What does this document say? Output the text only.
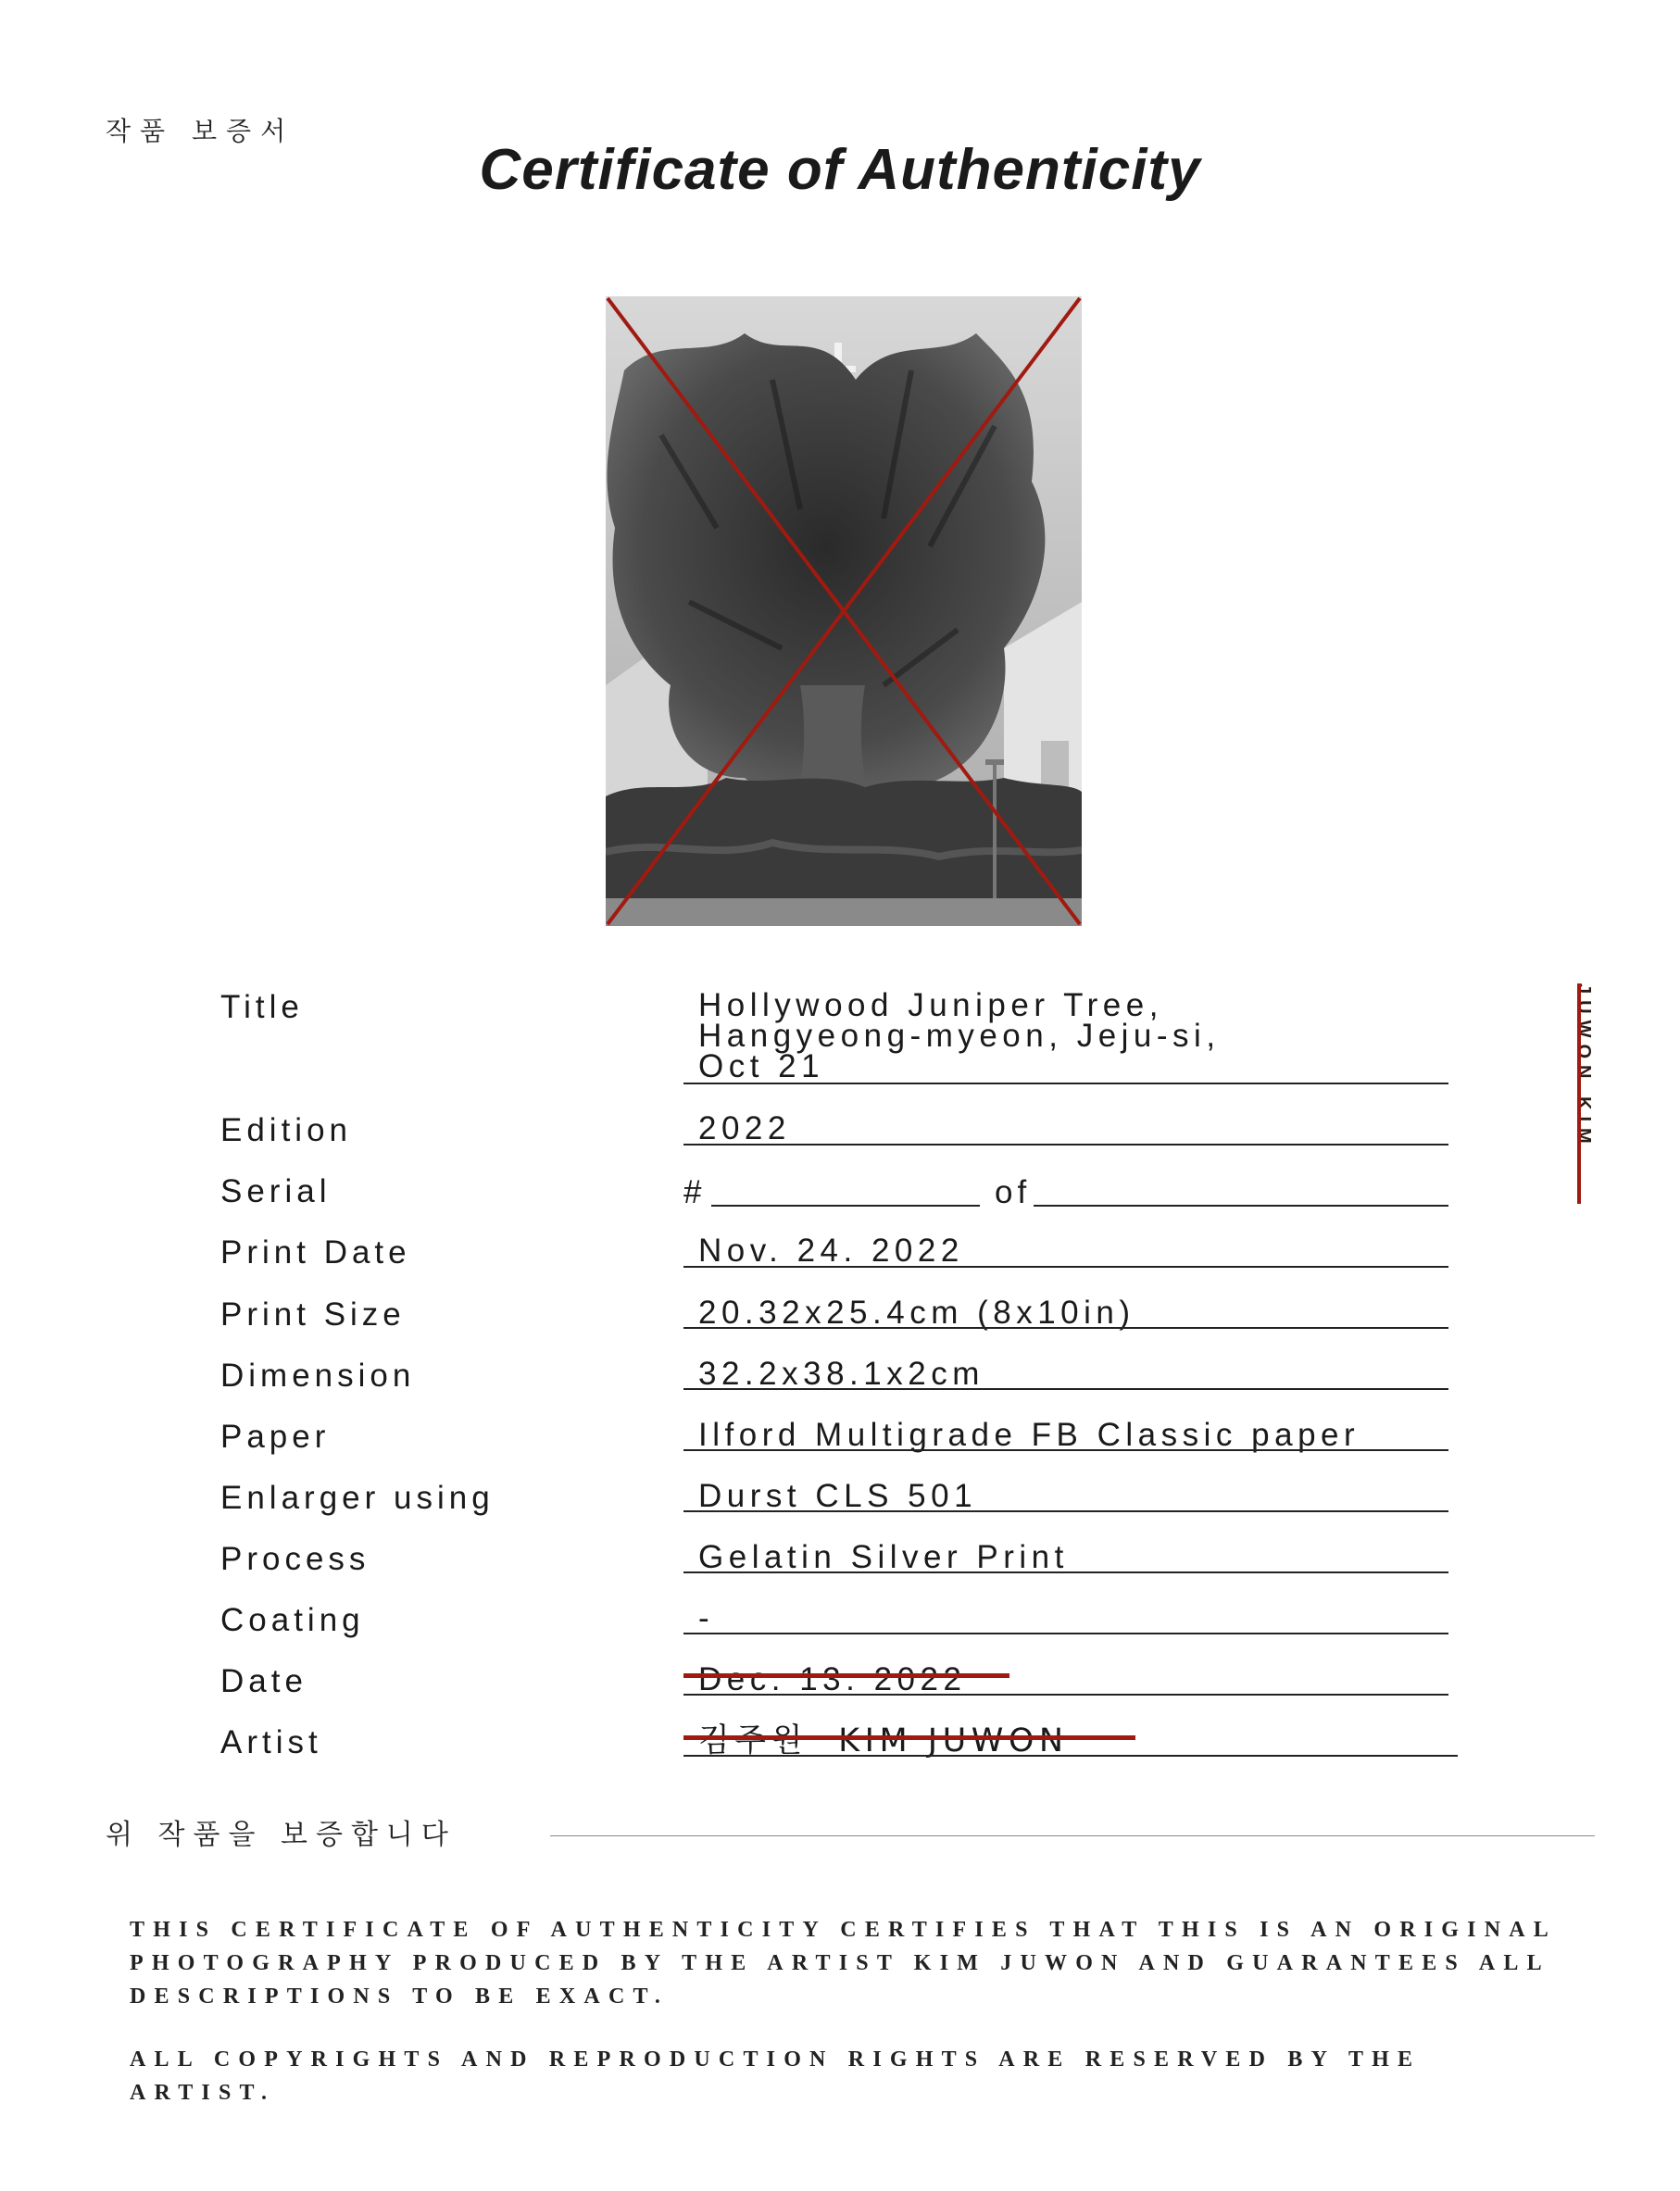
작품 보증서
Certificate of Authenticity
Title	Hollywood Juniper Tree,
Hangyeong-myeon, Jeju-si,
Oct 21
Edition	2022
Serial	#	of
Print Date	Nov. 24. 2022
Print Size	20.32x25.4cm (8x10in)
Dimension	32.2x38.1x2cm
Paper	Ilford Multigrade FB Classic paper
Enlarger using	Durst CLS 501
Process	Gelatin Silver Print
Coating	-
Date	Dec. 13. 2022
Artist	김주원  KIM JUWON
JUWON KIM
위 작품을 보증합니다
THIS CERTIFICATE OF AUTHENTICITY CERTIFIES THAT THIS IS AN ORIGINAL PHOTOGRAPHY PRODUCED BY THE ARTIST KIM JUWON AND GUARANTEES ALL DESCRIPTIONS TO BE EXACT.
ALL COPYRIGHTS AND REPRODUCTION RIGHTS ARE RESERVED BY THE ARTIST.
